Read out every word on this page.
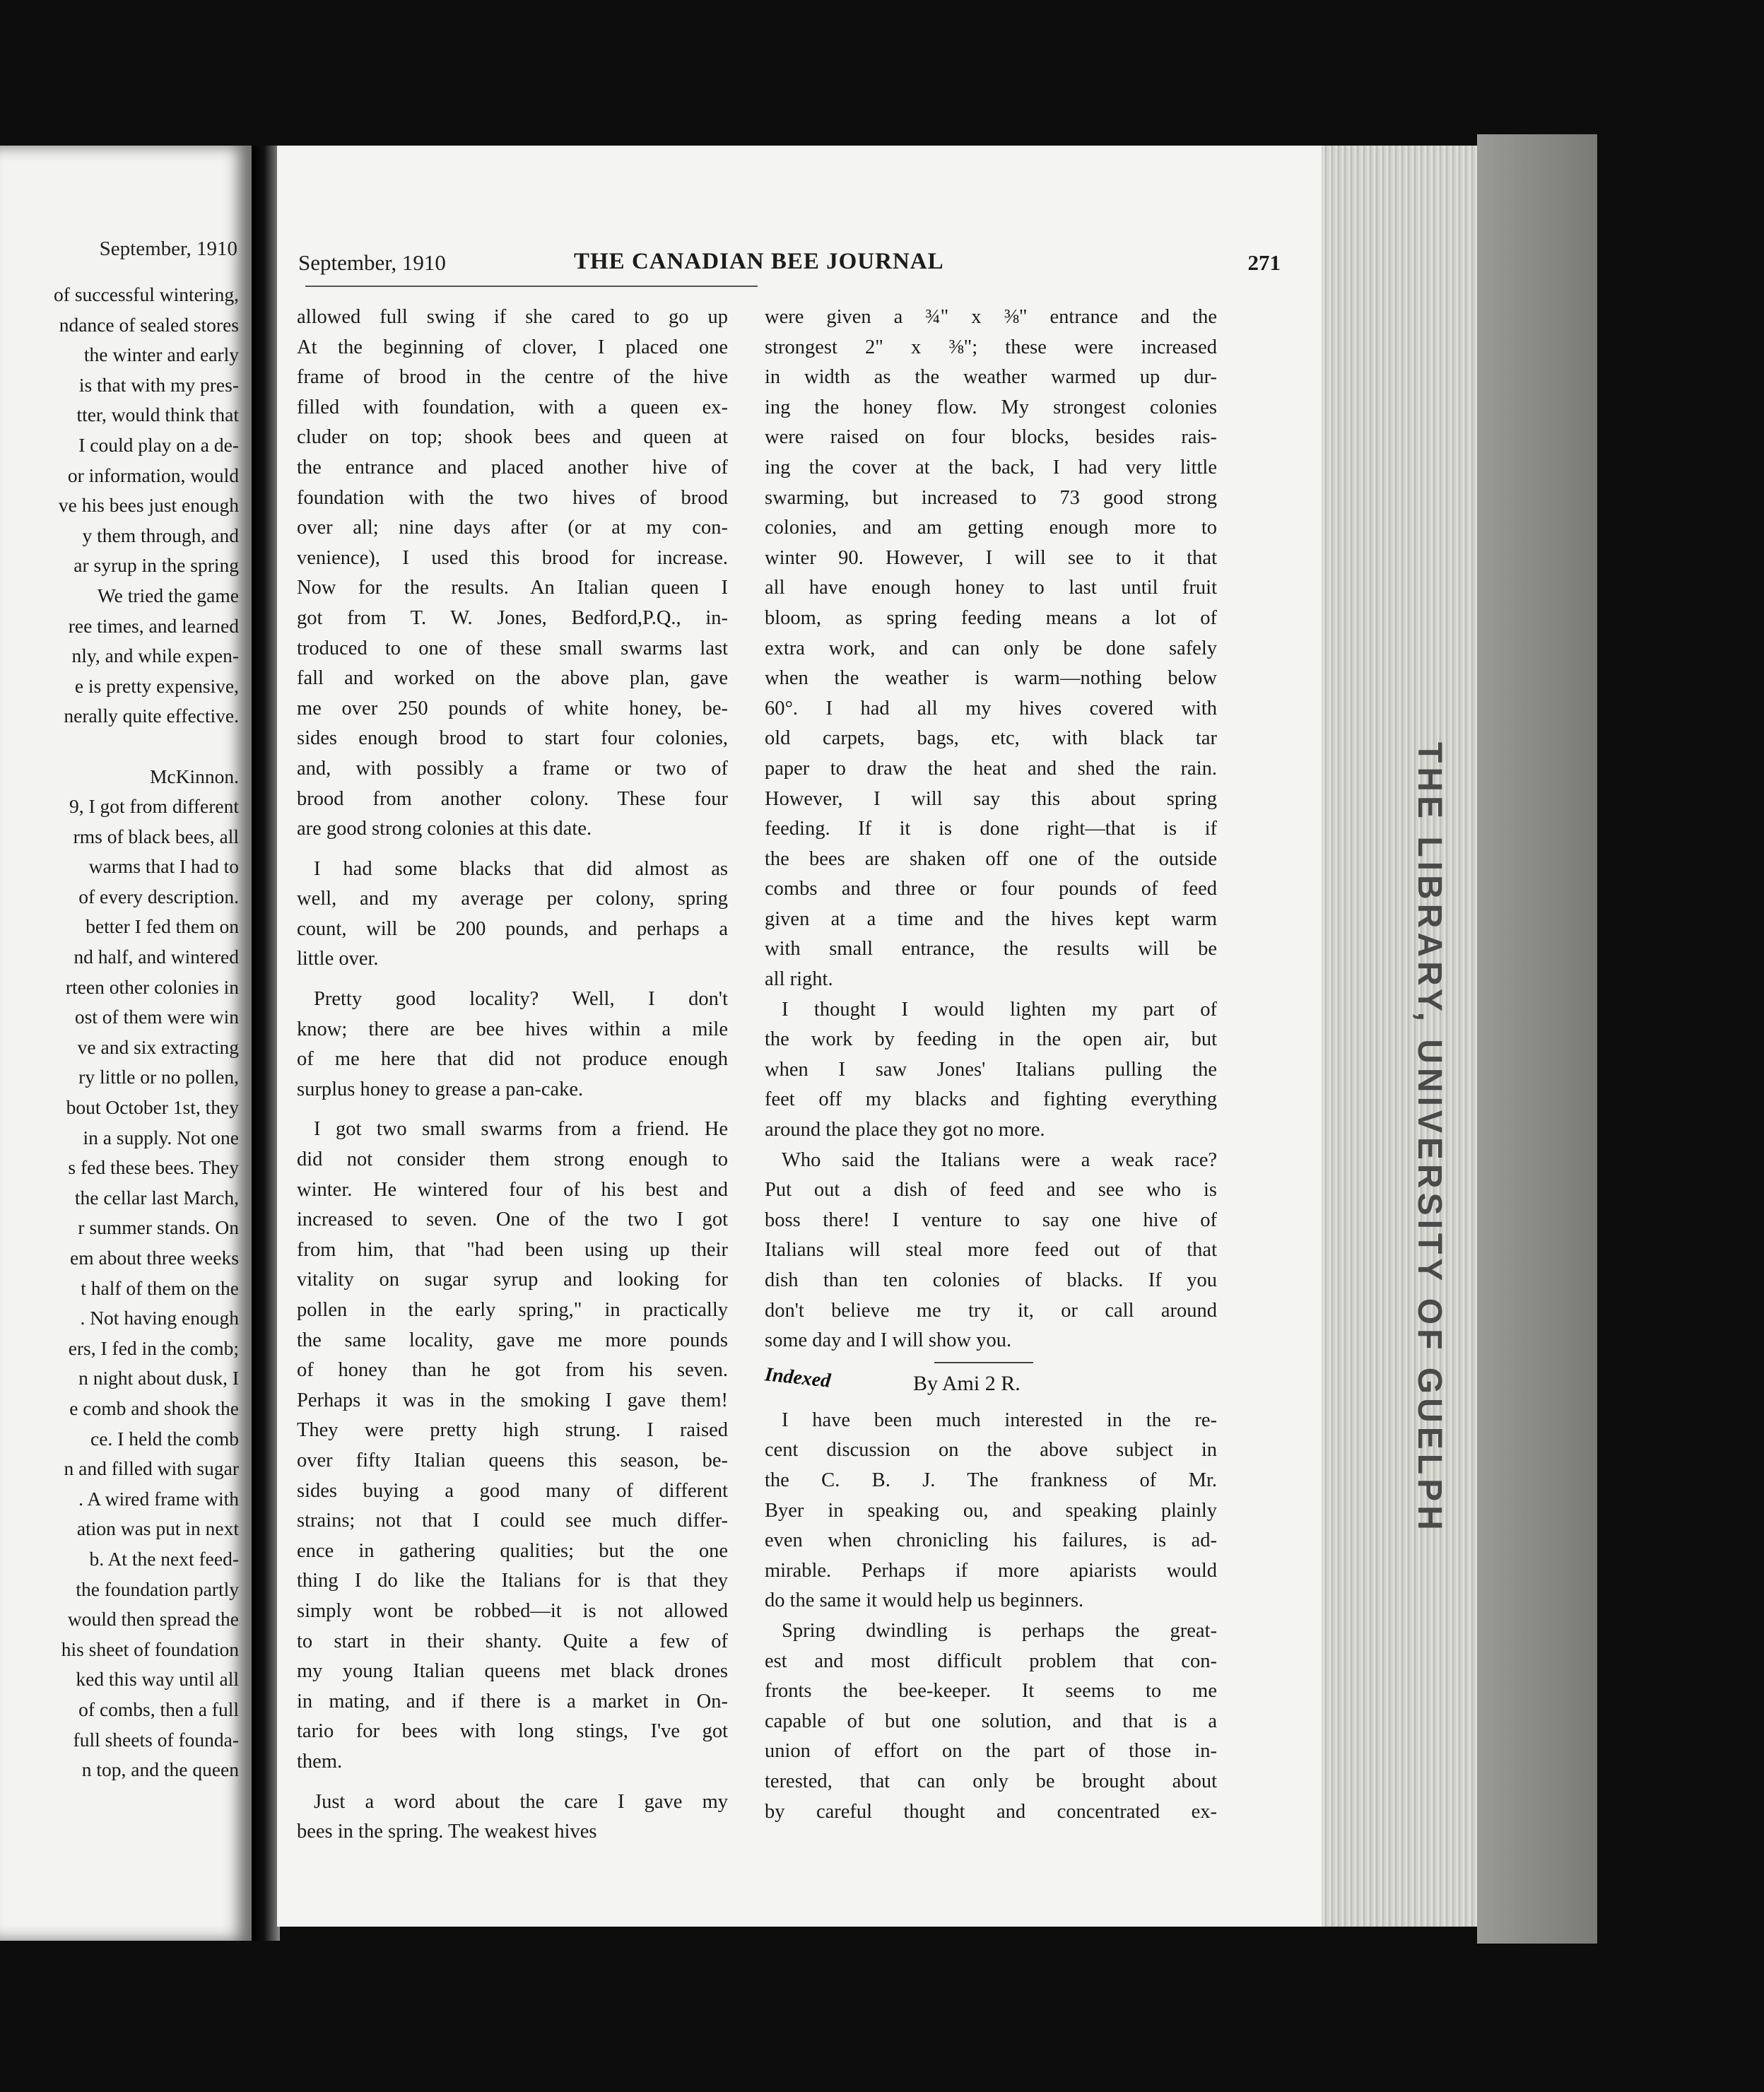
September, 1910
of successful wintering,
ndance of sealed stores
the winter and early
is that with my pres-
tter, would think that
I could play on a de-
or information, would
ve his bees just enough
y them through, and
ar syrup in the spring
We tried the game
ree times, and learned
nly, and while expen-
e is pretty expensive,
nerally quite effective.
McKinnon.
9, I got from different
rms of black bees, all
warms that I had to
of every description.
better I fed them on
nd half, and wintered
rteen other colonies in
ost of them were win
ve and six extracting
ry little or no pollen,
bout October 1st, they
in a supply. Not one
s fed these bees. They
the cellar last March,
r summer stands. On
em about three weeks
t half of them on the
. Not having enough
ers, I fed in the comb;
n night about dusk, I
e comb and shook the
ce. I held the comb
n and filled with sugar
. A wired frame with
ation was put in next
b. At the next feed-
the foundation partly
would then spread the
his sheet of foundation
ked this way until all
of combs, then a full
full sheets of founda-
n top, and the queen
September, 1910	THE CANADIAN BEE JOURNAL	271
allowed full swing if she cared to go up
At the beginning of clover, I placed one
frame of brood in the centre of the hive
filled with foundation, with a queen ex-
cluder on top; shook bees and queen at
the entrance and placed another hive of
foundation with the two hives of brood
over all; nine days after (or at my con-
venience), I used this brood for increase.
Now for the results. An Italian queen I
got from T. W. Jones, Bedford,P.Q., in-
troduced to one of these small swarms last
fall and worked on the above plan, gave
me over 250 pounds of white honey, be-
sides enough brood to start four colonies,
and, with possibly a frame or two of
brood from another colony. These four
are good strong colonies at this date.
I had some blacks that did almost as
well, and my average per colony, spring
count, will be 200 pounds, and perhaps a
little over.
Pretty good locality? Well, I don't
know; there are bee hives within a mile
of me here that did not produce enough
surplus honey to grease a pan-cake.
I got two small swarms from a friend. He
did not consider them strong enough to
winter. He wintered four of his best and
increased to seven. One of the two I got
from him, that "had been using up their
vitality on sugar syrup and looking for
pollen in the early spring," in practically
the same locality, gave me more pounds
of honey than he got from his seven.
Perhaps it was in the smoking I gave them!
They were pretty high strung. I raised
over fifty Italian queens this season, be-
sides buying a good many of different
strains; not that I could see much differ-
ence in gathering qualities; but the one
thing I do like the Italians for is that they
simply wont be robbed—it is not allowed
to start in their shanty. Quite a few of
my young Italian queens met black drones
in mating, and if there is a market in On-
tario for bees with long stings, I've got
them.
Just a word about the care I gave my
bees in the spring. The weakest hives
were given a ¾" x ⅜" entrance and the
strongest 2" x ⅜"; these were increased
in width as the weather warmed up dur-
ing the honey flow. My strongest colonies
were raised on four blocks, besides rais-
ing the cover at the back, I had very little
swarming, but increased to 73 good strong
colonies, and am getting enough more to
winter 90. However, I will see to it that
all have enough honey to last until fruit
bloom, as spring feeding means a lot of
extra work, and can only be done safely
when the weather is warm—nothing below
60°. I had all my hives covered with
old carpets, bags, etc, with black tar
paper to draw the heat and shed the rain.
However, I will say this about spring
feeding. If it is done right—that is if
the bees are shaken off one of the outside
combs and three or four pounds of feed
given at a time and the hives kept warm
with small entrance, the results will be
all right.
I thought I would lighten my part of
the work by feeding in the open air, but
when I saw Jones' Italians pulling the
feet off my blacks and fighting everything
around the place they got no more.
Who said the Italians were a weak race?
Put out a dish of feed and see who is
boss there! I venture to say one hive of
Italians will steal more feed out of that
dish than ten colonies of blacks. If you
don't believe me try it, or call around
some day and I will show you.
Indexed	By Ami 2 R.
I have been much interested in the re-
cent discussion on the above subject in
the C. B. J. The frankness of Mr.
Byer in speaking ou, and speaking plainly
even when chronicling his failures, is ad-
mirable. Perhaps if more apiarists would
do the same it would help us beginners.
Spring dwindling is perhaps the great-
est and most difficult problem that con-
fronts the bee-keeper. It seems to me
capable of but one solution, and that is a
union of effort on the part of those in-
terested, that can only be brought about
by careful thought and concentrated ex-
THE LIBRARY, UNIVERSITY OF GUELPH
